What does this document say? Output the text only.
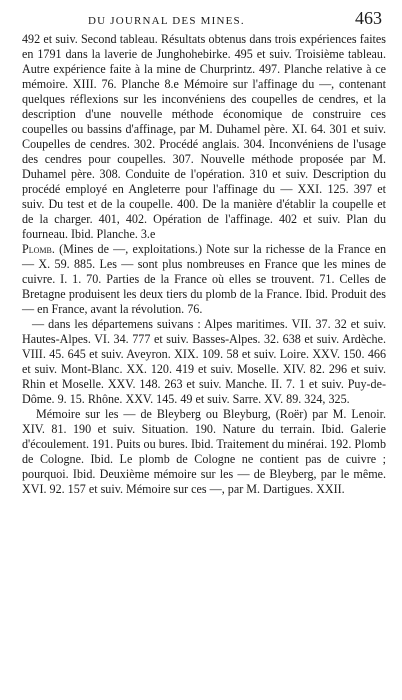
DU JOURNAL DES MINES.	463

492 et suiv. Second tableau. Résultats obtenus dans trois expériences faites en 1791 dans la laverie de Junghohebirke. 495 et suiv. Troisième tableau. Autre expérience faite à la mine de Churprintz. 497. Planche relative à ce mémoire. XIII. 76. Planche 8.e Mémoire sur l'affinage du —, contenant quelques réflexions sur les inconvéniens des coupelles de cendres, et la description d'une nouvelle méthode économique de construire ces coupelles ou bassins d'affinage, par M. Duhamel père. XI. 64. 301 et suiv. Coupelles de cendres. 302. Procédé anglais. 304. Inconvéniens de l'usage des cendres pour coupelles. 307. Nouvelle méthode proposée par M. Duhamel père. 308. Conduite de l'opération. 310 et suiv. Description du procédé employé en Angleterre pour l'affinage du — XXI. 125. 397 et suiv. Du test et de la coupelle. 400. De la manière d'établir la coupelle et de la charger. 401, 402. Opération de l'affinage. 402 et suiv. Plan du fourneau. Ibid. Planche. 3.e

Plomb. (Mines de —, exploitations.) Note sur la richesse de la France en — X. 59. 885. Les — sont plus nombreuses en France que les mines de cuivre. I. 1. 70. Parties de la France où elles se trouvent. 71. Celles de Bretagne produisent les deux tiers du plomb de la France. Ibid. Produit des — en France, avant la révolution. 76.

— dans les départemens suivans : Alpes maritimes. VII. 37. 32 et suiv. Hautes-Alpes. VI. 34. 777 et suiv. Basses-Alpes. 32. 638 et suiv. Ardèche. VIII. 45. 645 et suiv. Aveyron. XIX. 109. 58 et suiv. Loire. XXV. 150. 466 et suiv. Mont-Blanc. XX. 120. 419 et suiv. Moselle. XIV. 82. 296 et suiv. Rhin et Moselle. XXV. 148. 263 et suiv. Manche. II. 7. 1 et suiv. Puy-de-Dôme. 9. 15. Rhône. XXV. 145. 49 et suiv. Sarre. XV. 89. 324, 325.

Mémoire sur les — de Bleyberg ou Bleyburg, (Roër) par M. Lenoir. XIV. 81. 190 et suiv. Situation. 190. Nature du terrain. Ibid. Galerie d'écoulement. 191. Puits ou bures. Ibid. Traitement du minérai. 192. Plomb de Cologne. Ibid. Le plomb de Cologne ne contient pas de cuivre ; pourquoi. Ibid. Deuxième mémoire sur les — de Bleyberg, par le même. XVI. 92. 157 et suiv. Mémoire sur ces —, par M. Dartigues. XXII.
